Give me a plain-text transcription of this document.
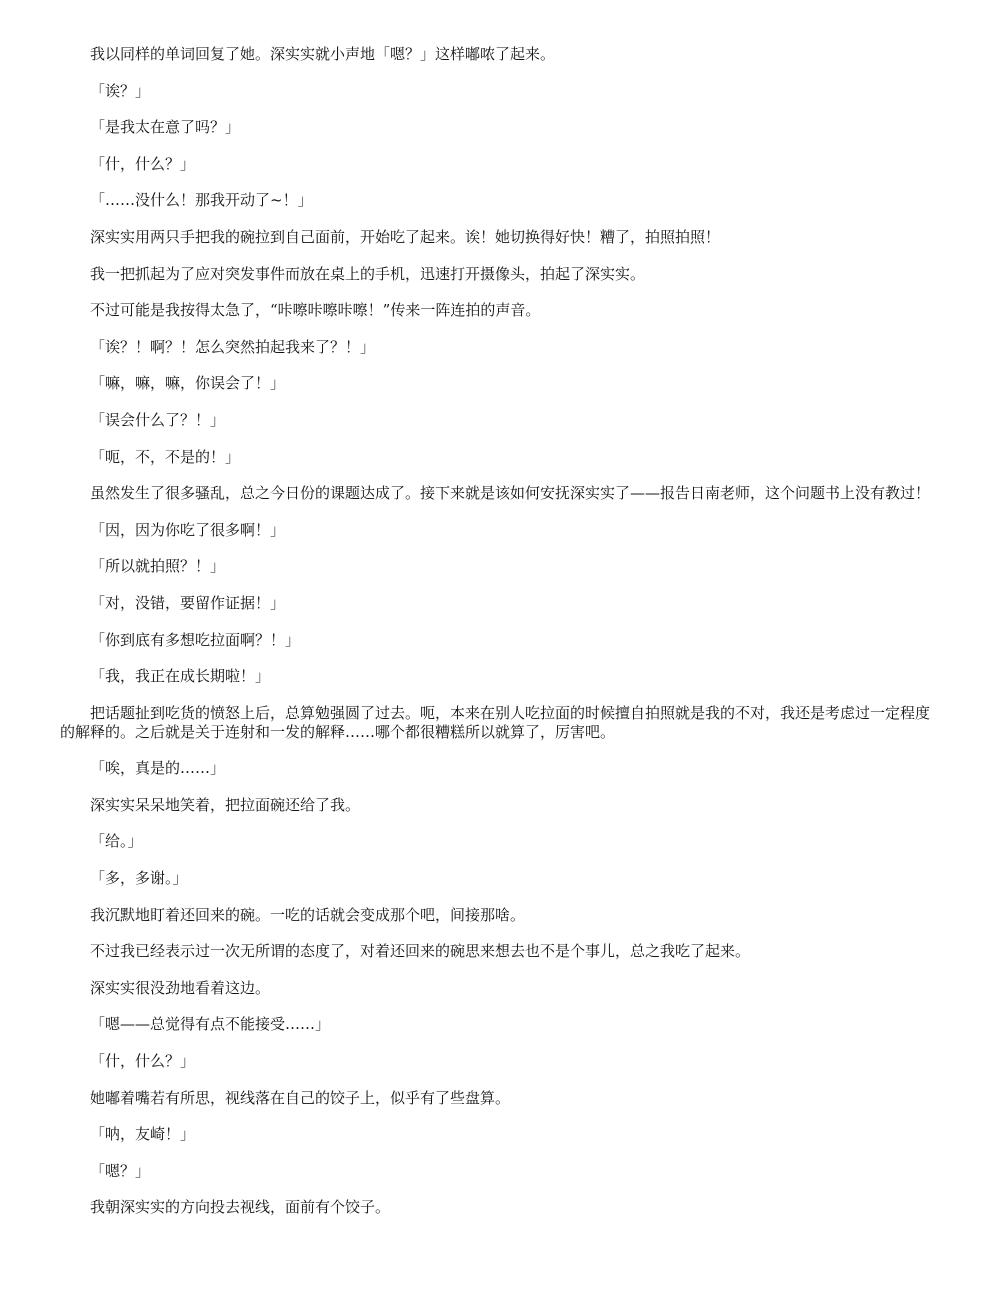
我以同样的单词回复了她。深实实就小声地「嗯？」这样嘟哝了起来。

「诶？」

「是我太在意了吗？」

「什，什么？」

「……没什么！那我开动了~！」

深实实用两只手把我的碗拉到自己面前，开始吃了起来。诶！她切换得好快！糟了，拍照拍照！

我一把抓起为了应对突发事件而放在桌上的手机，迅速打开摄像头，拍起了深实实。

不过可能是我按得太急了，“咔嚓咔嚓咔嚓！”传来一阵连拍的声音。

「诶？！啊？！怎么突然拍起我来了？！」

「嘛，嘛，嘛，你误会了！」

「误会什么了？！」

「呃，不，不是的！」

虽然发生了很多骚乱，总之今日份的课题达成了。接下来就是该如何安抚深实实了——报告日南老师，这个问题书上没有教过！

「因，因为你吃了很多啊！」

「所以就拍照？！」

「对，没错，要留作证据！」

「你到底有多想吃拉面啊？！」

「我，我正在成长期啦！」

把话题扯到吃货的愤怒上后，总算勉强圆了过去。呃，本来在别人吃拉面的时候擅自拍照就是我的不对，我还是考虑过一定程度的解释的。之后就是关于连射和一发的解释……哪个都很糟糕所以就算了，厉害吧。

「唉，真是的……」

深实实呆呆地笑着，把拉面碗还给了我。

「给。」

「多，多谢。」

我沉默地盯着还回来的碗。一吃的话就会变成那个吧，间接那啥。

不过我已经表示过一次无所谓的态度了，对着还回来的碗思来想去也不是个事儿，总之我吃了起来。

深实实很没劲地看着这边。

「嗯——总觉得有点不能接受……」

「什，什么？」

她嘟着嘴若有所思，视线落在自己的饺子上，似乎有了些盘算。

「呐，友崎！」

「嗯？」

我朝深实实的方向投去视线，面前有个饺子。
